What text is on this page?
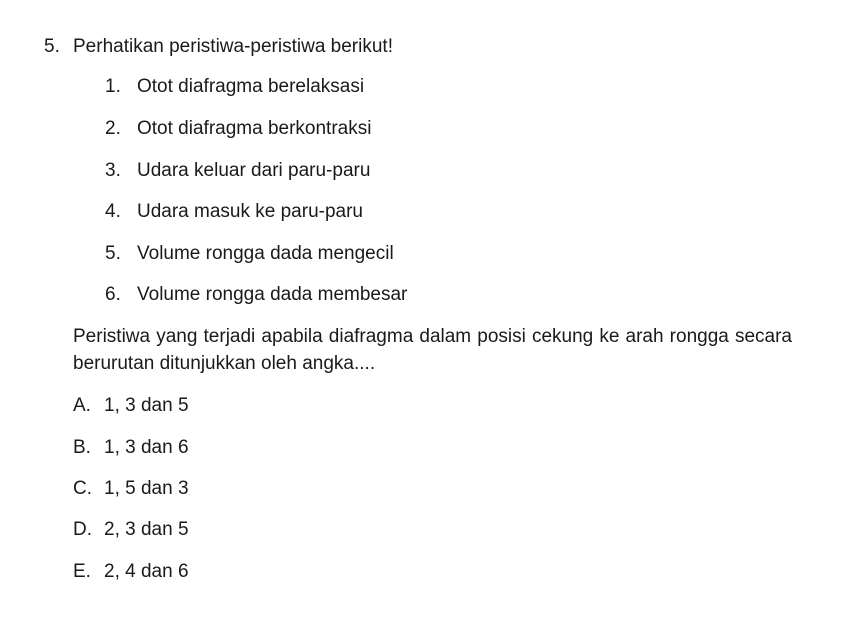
5. Perhatikan peristiwa-peristiwa berikut!
1. Otot diafragma berelaksasi
2. Otot diafragma berkontraksi
3. Udara keluar dari paru-paru
4. Udara masuk ke paru-paru
5. Volume rongga dada mengecil
6. Volume rongga dada membesar

Peristiwa yang terjadi apabila diafragma dalam posisi cekung ke arah rongga secara berurutan ditunjukkan oleh angka....

A. 1, 3 dan 5
B. 1, 3 dan 6
C. 1, 5 dan 3
D. 2, 3 dan 5
E. 2, 4 dan 6
